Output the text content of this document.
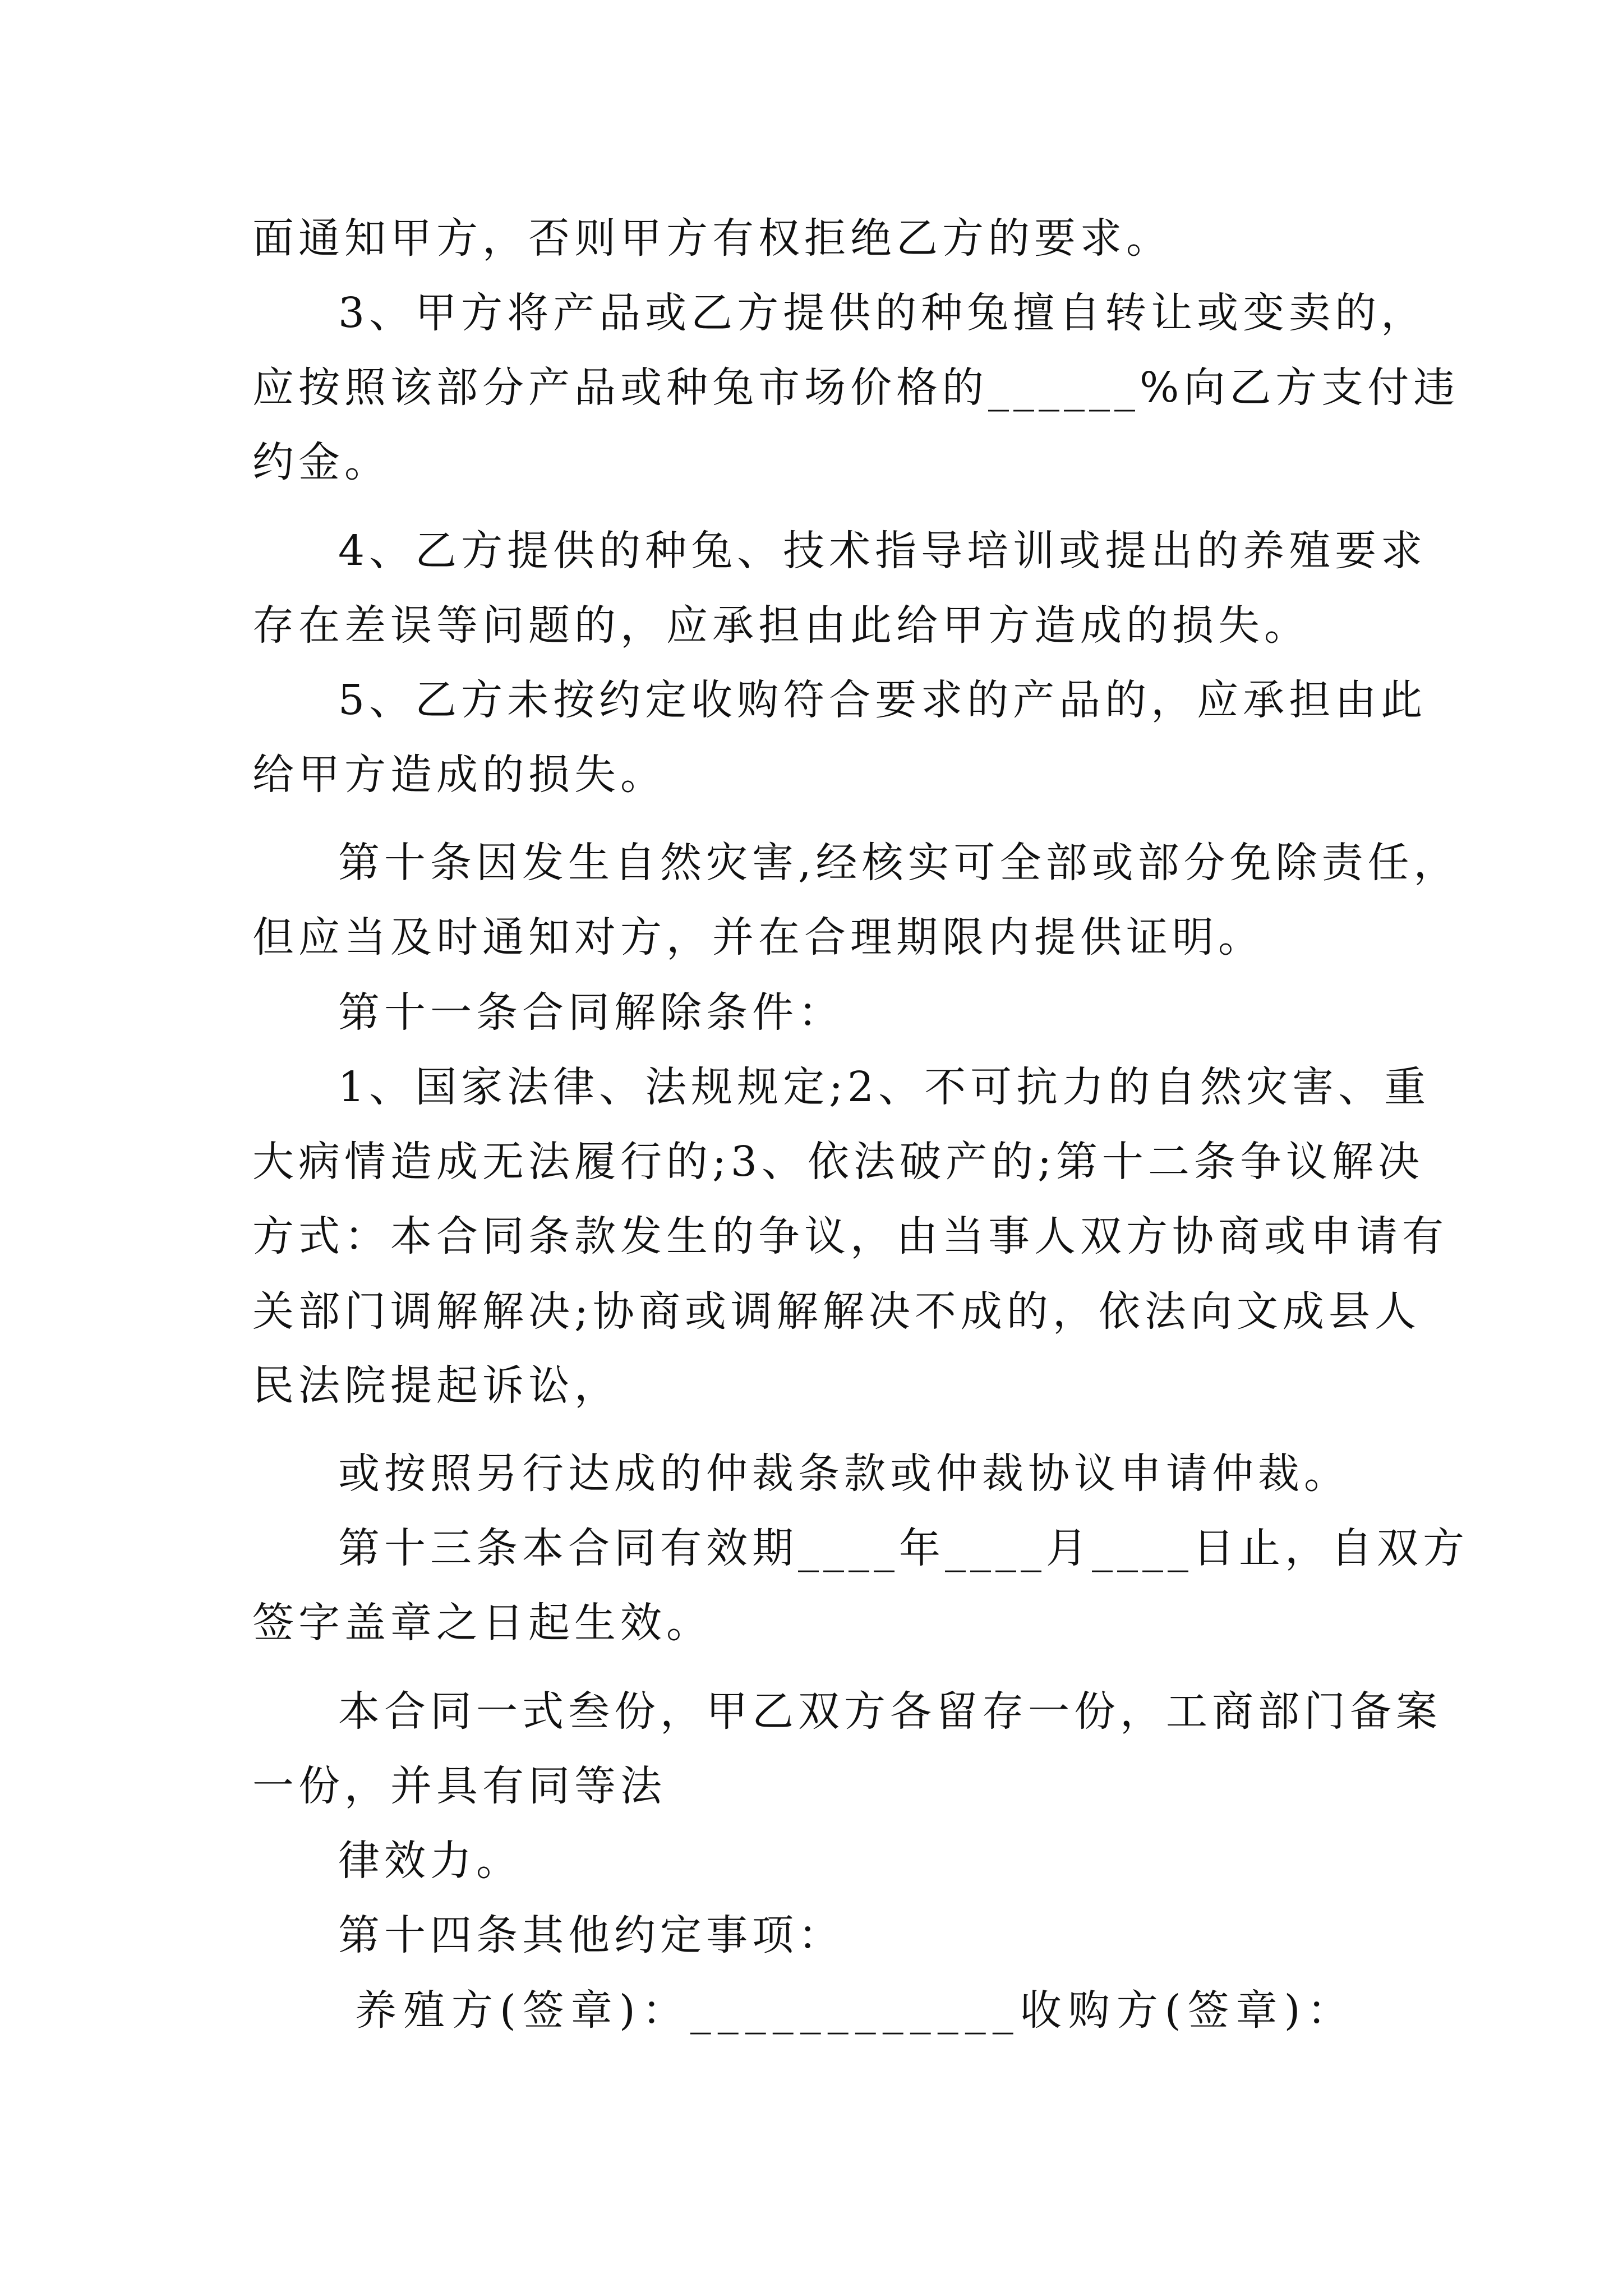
面通知甲方，否则甲方有权拒绝乙方的要求。
3、甲方将产品或乙方提供的种兔擅自转让或变卖的，
应按照该部分产品或种兔市场价格的______%向乙方支付违
约金。
4、乙方提供的种兔、技术指导培训或提出的养殖要求
存在差误等问题的，应承担由此给甲方造成的损失。
5、乙方未按约定收购符合要求的产品的，应承担由此
给甲方造成的损失。
第十条因发生自然灾害,经核实可全部或部分免除责任，
但应当及时通知对方，并在合理期限内提供证明。
第十一条合同解除条件：
1、国家法律、法规规定;2、不可抗力的自然灾害、重
大病情造成无法履行的;3、依法破产的;第十二条争议解决
方式：本合同条款发生的争议，由当事人双方协商或申请有
关部门调解解决;协商或调解解决不成的，依法向文成县人
民法院提起诉讼，
或按照另行达成的仲裁条款或仲裁协议申请仲裁。
第十三条本合同有效期____年____月____日止，自双方
签字盖章之日起生效。
本合同一式叁份，甲乙双方各留存一份，工商部门备案
一份，并具有同等法
律效力。
第十四条其他约定事项：
养殖方(签章)：____________收购方(签章)：
